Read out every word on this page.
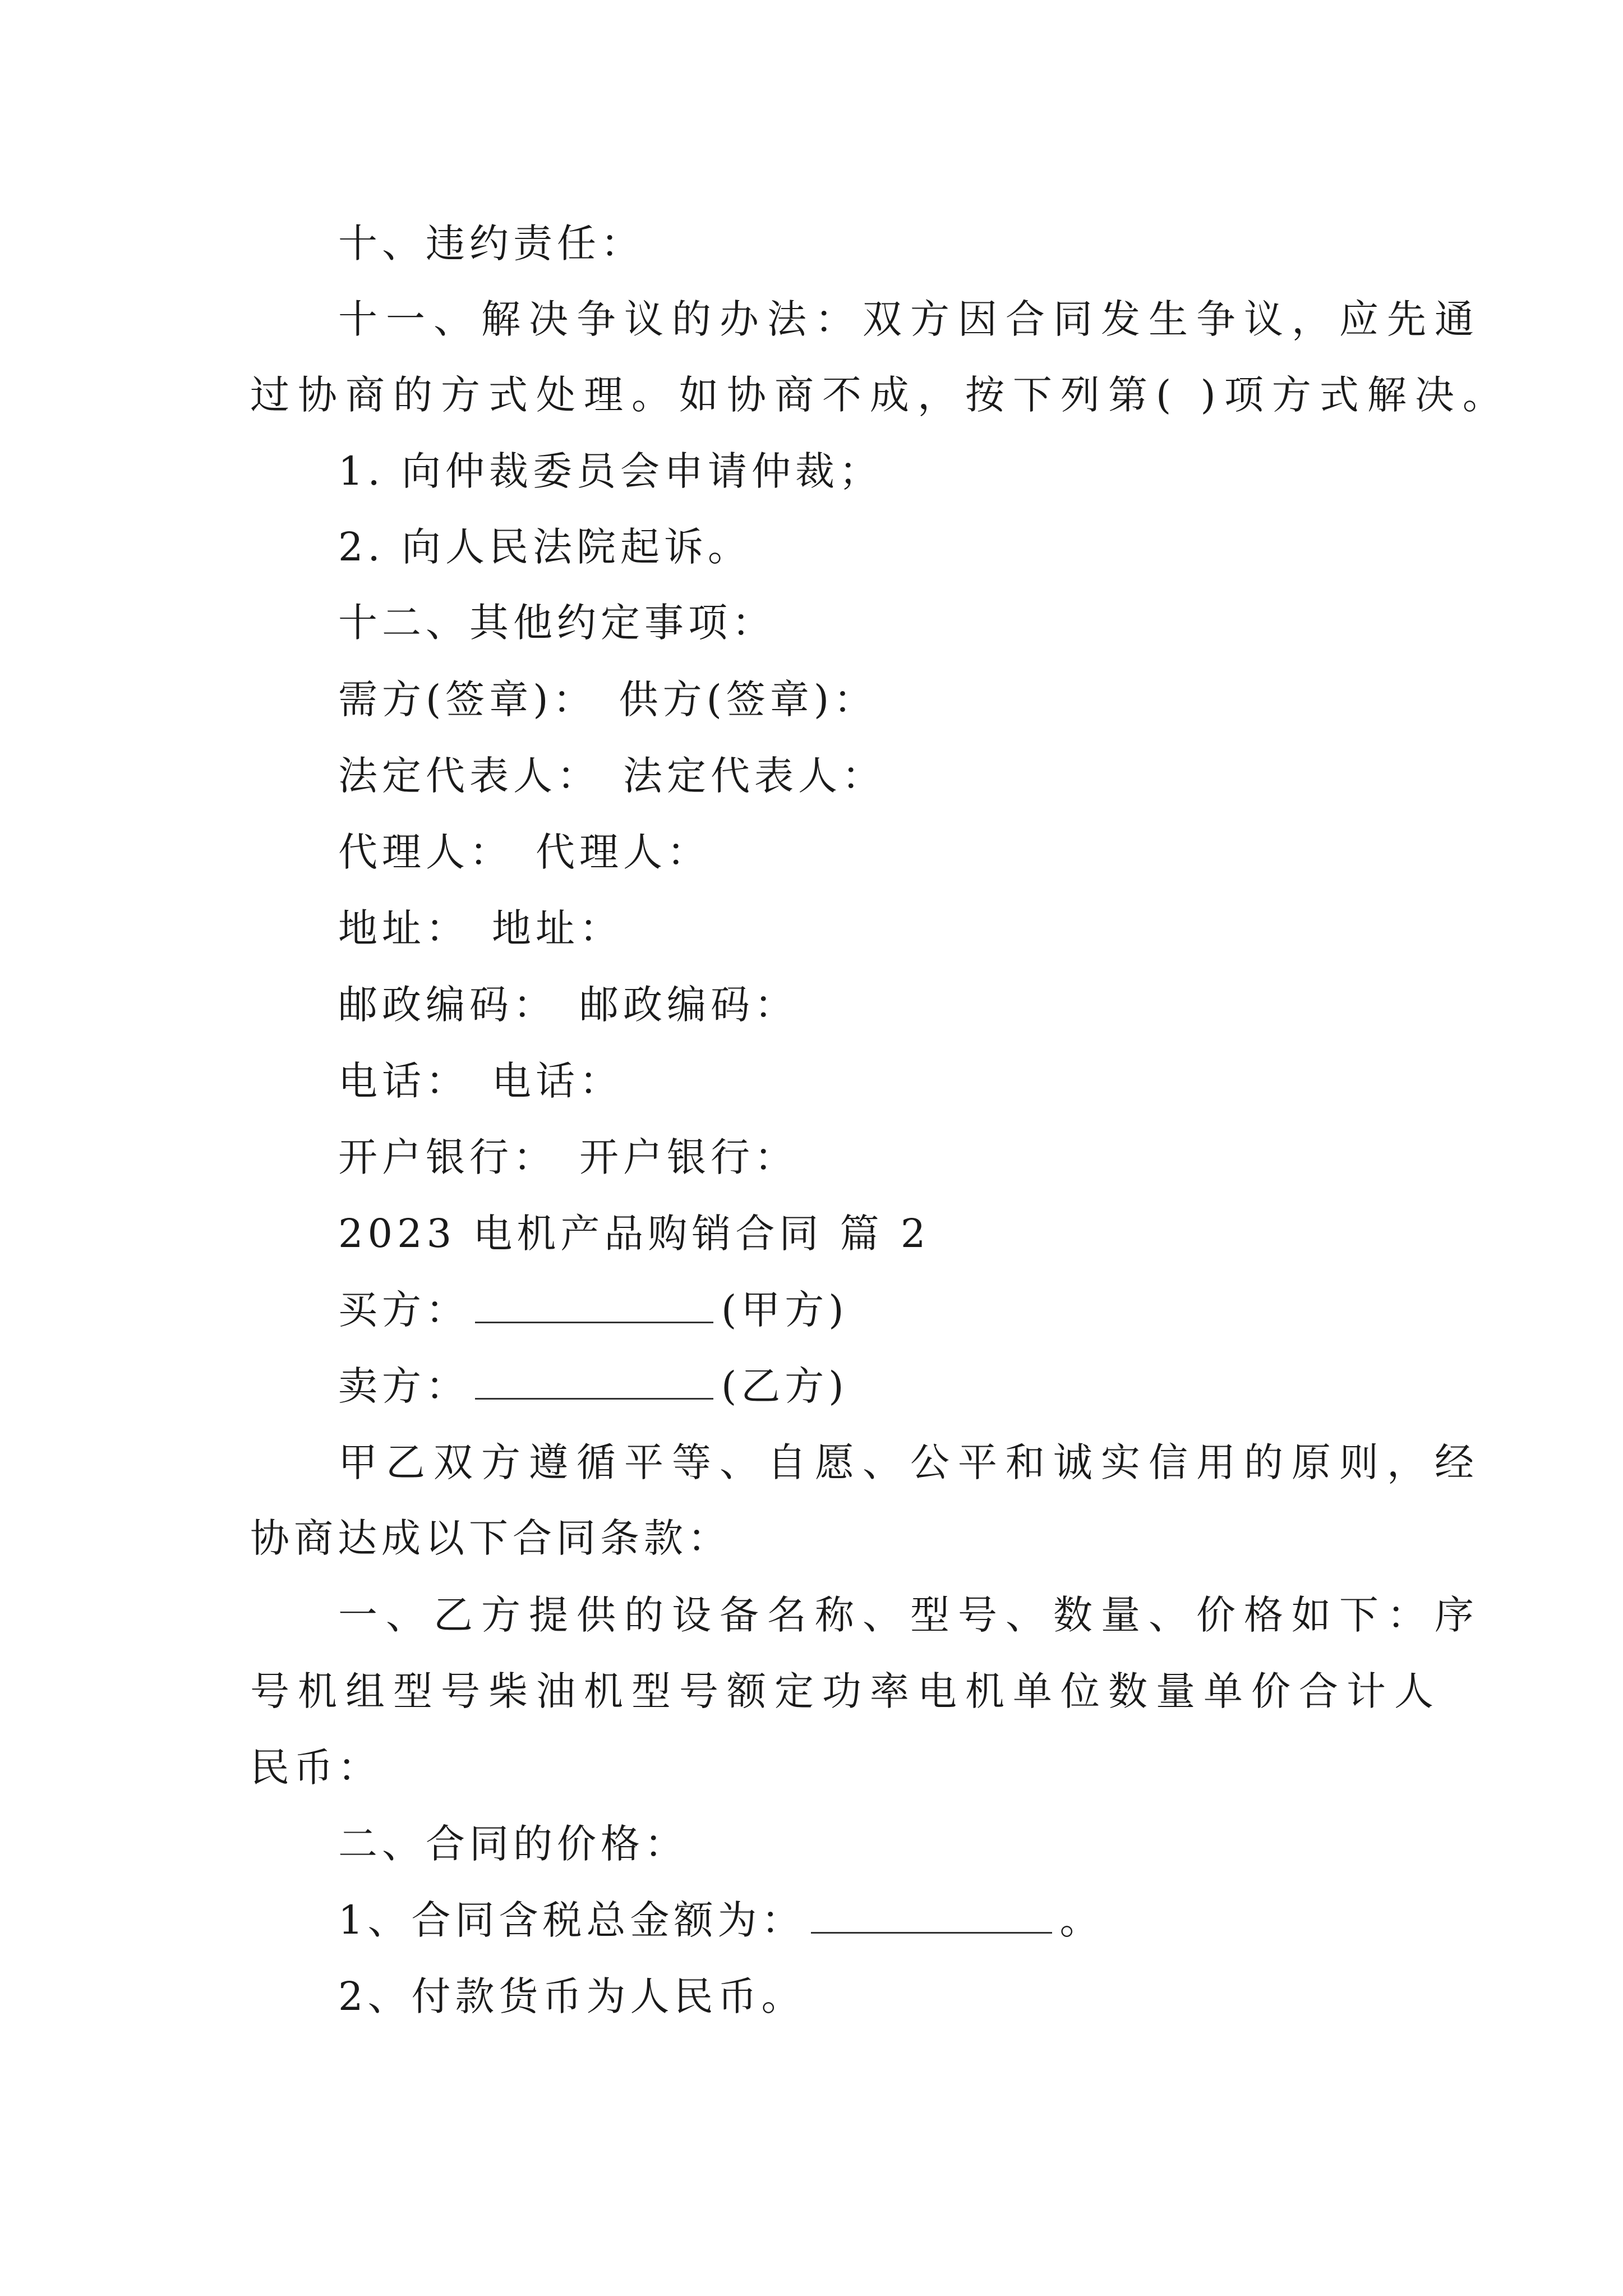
十、违约责任：
十一、解决争议的办法：双方因合同发生争议，应先通
过协商的方式处理。如协商不成，按下列第( )项方式解决。
1. 向仲裁委员会申请仲裁；
2. 向人民法院起诉。
十二、其他约定事项：
需方(签章)： 供方(签章)：
法定代表人： 法定代表人：
代理人： 代理人：
地址： 地址：
邮政编码： 邮政编码：
电话： 电话：
开户银行： 开户银行：
2023 电机产品购销合同 篇 2
买方：	(甲方)
卖方：	(乙方)
甲乙双方遵循平等、自愿、公平和诚实信用的原则，经
协商达成以下合同条款：
一、乙方提供的设备名称、型号、数量、价格如下：序
号机组型号柴油机型号额定功率电机单位数量单价合计人
民币：
二、合同的价格：
1、合同含税总金额为：	。
2、付款货币为人民币。
